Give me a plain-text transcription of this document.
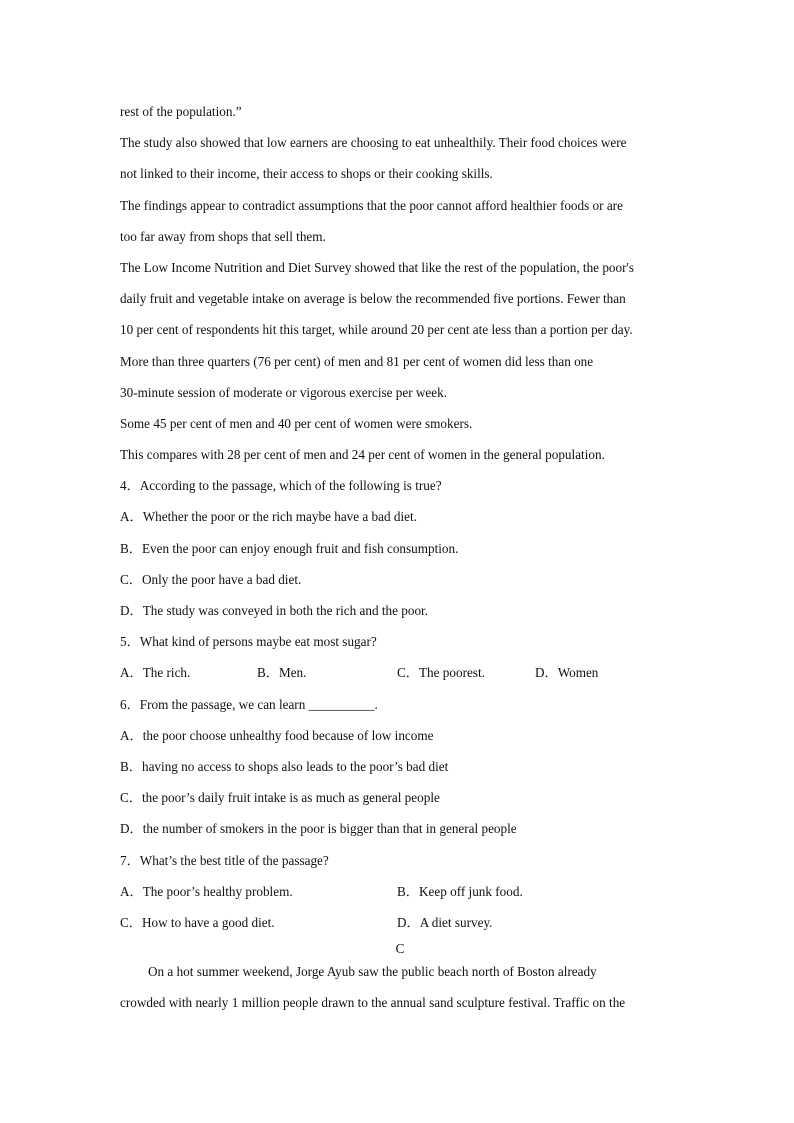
rest of the population.”
The study also showed that low earners are choosing to eat unhealthily. Their food choices were
not linked to their income, their access to shops or their cooking skills.
The findings appear to contradict assumptions that the poor cannot afford healthier foods or are
too far away from shops that sell them.
The Low Income Nutrition and Diet Survey showed that like the rest of the population, the poor's
daily fruit and vegetable intake on average is below the recommended five portions. Fewer than
10 per cent of respondents hit this target, while around 20 per cent ate less than a portion per day.
More than three quarters (76 per cent) of men and 81 per cent of women did less than one
30-minute session of moderate or vigorous exercise per week.
Some 45 per cent of men and 40 per cent of women were smokers.
This compares with 28 per cent of men and 24 per cent of women in the general population.
4．According to the passage, which of the following is true?
A．Whether the poor or the rich maybe have a bad diet.
B．Even the poor can enjoy enough fruit and fish consumption.
C．Only the poor have a bad diet.
D．The study was conveyed in both the rich and the poor.
5．What kind of persons maybe eat most sugar?
A．The rich.	B．Men.	C．The poorest.	D．Women
6．From the passage, we can learn __________.
A．the poor choose unhealthy food because of low income
B．having no access to shops also leads to the poor’s bad diet
C．the poor’s daily fruit intake is as much as general people
D．the number of smokers in the poor is bigger than that in general people
7．What’s the best title of the passage?
A．The poor’s healthy problem.	B．Keep off junk food.
C．How to have a good diet.	D．A diet survey.
C
On a hot summer weekend, Jorge Ayub saw the public beach north of Boston already
crowded with nearly 1 million people drawn to the annual sand sculpture festival. Traffic on the
